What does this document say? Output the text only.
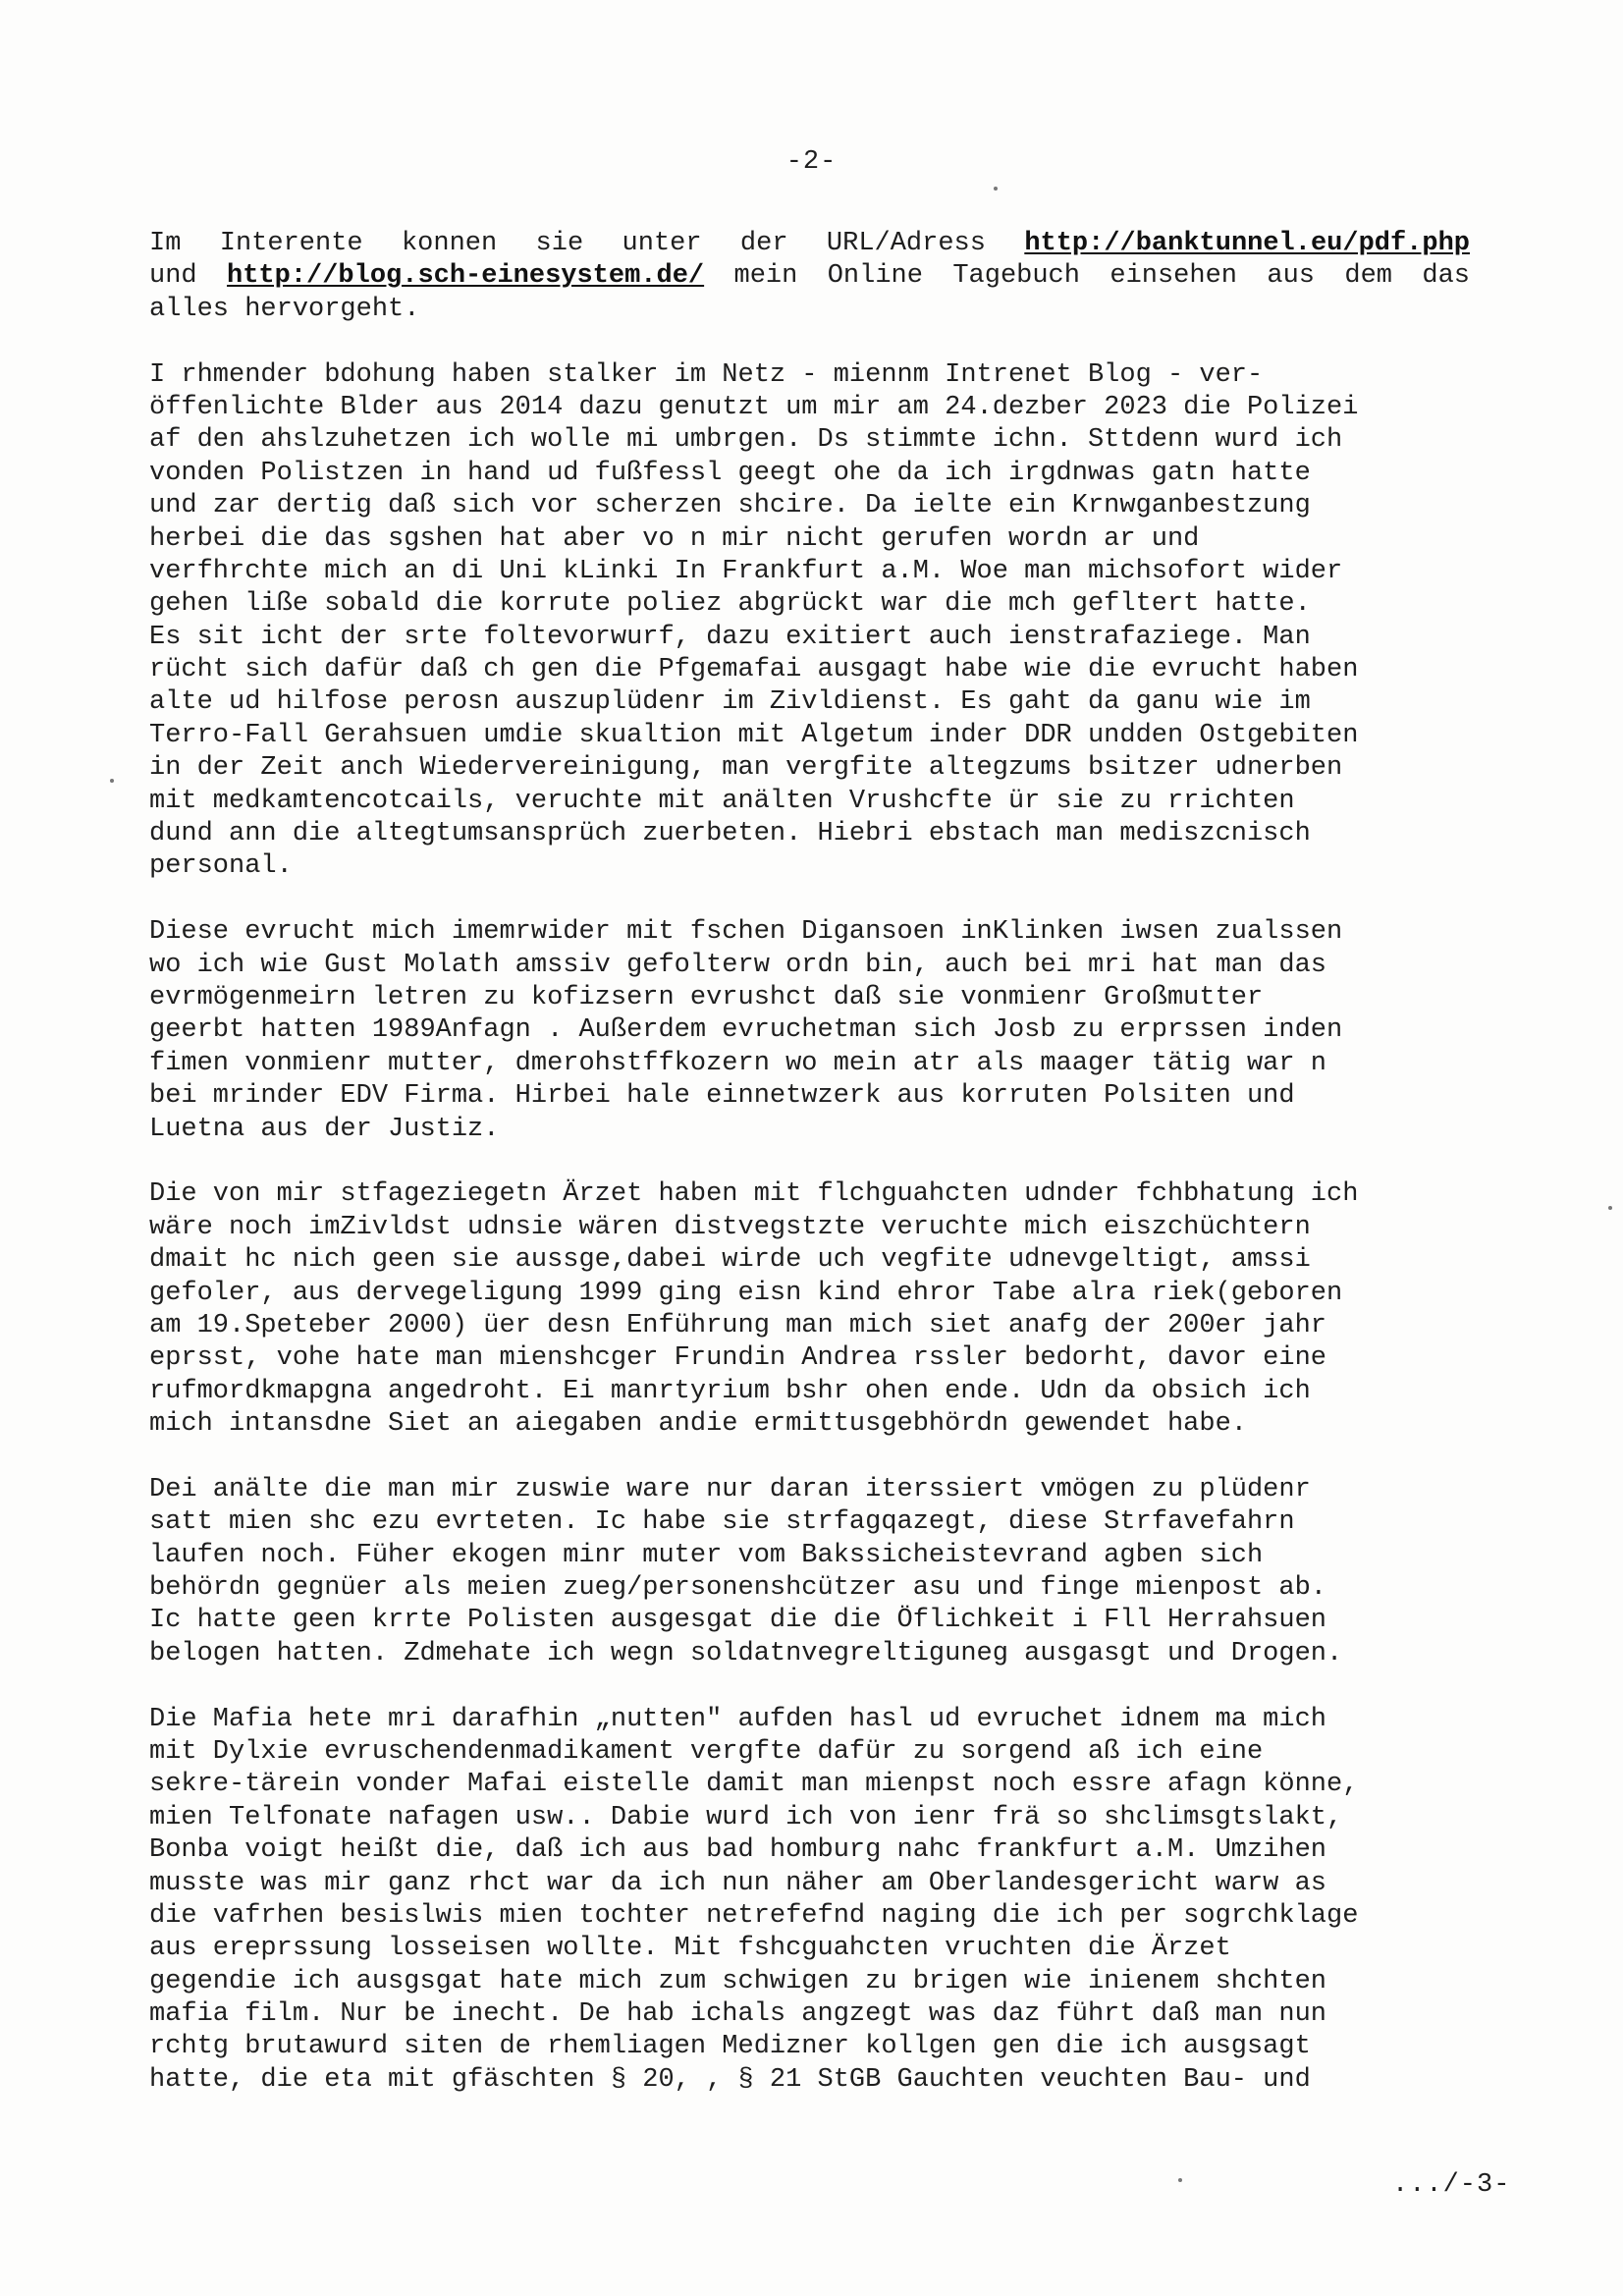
-2-
Im Interente konnen sie unter der URL/Adress http://banktunnel.eu/pdf.php
und http://blog.sch-einesystem.de/ mein Online Tagebuch einsehen aus dem das
alles hervorgeht.
I rhmender bdohung haben stalker im Netz - miennm Intrenet Blog - ver-
öffenlichte Blder aus 2014 dazu genutzt um mir am 24.dezber 2023 die Polizei
af den ahslzuhetzen ich wolle mi umbrgen. Ds stimmte ichn. Sttdenn wurd ich
vonden Polistzen in hand ud fußfessl geegt ohe da ich irgdnwas gatn hatte
und zar dertig daß sich vor scherzen shcire. Da ielte ein Krnwganbestzung
herbei die das sgshen hat aber vo n mir nicht gerufen wordn ar und
verfhrchte mich an di Uni kLinki In Frankfurt a.M. Woe man michsofort wider
gehen liße sobald die korrute poliez abgrückt war die mch gefltert hatte.
Es sit icht der srte foltevorwurf, dazu exitiert auch ienstrafaziege. Man
rücht sich dafür daß ch gen die Pfgemafai ausgagt habe wie die evrucht haben
alte ud hilfose perosn auszuplüdenr im Zivldienst. Es gaht da ganu wie im
Terro-Fall Gerahsuen umdie skualtion mit Algetum inder DDR undden Ostgebiten
in der Zeit anch Wiedervereinigung, man vergfite altegzums bsitzer udnerben
mit medkamtencotcails, veruchte mit anälten Vrushcfte ür sie zu rrichten
dund ann die altegtumsansprüch zuerbeten. Hiebri ebstach man mediszcnisch
personal.
Diese evrucht mich imemrwider mit fschen Digansoen inKlinken iwsen zualssen
wo ich wie Gust Molath amssiv gefolterw ordn bin, auch bei mri hat man das
evrmögenmeirn letren zu kofizsern evrushct daß sie vonmienr Großmutter
geerbt hatten 1989Anfagn . Außerdem evruchetman sich Josb zu erprssen inden
fimen vonmienr mutter, dmerohstffkozern wo mein atr als maager tätig war n
bei mrinder EDV Firma. Hirbei hale einnetwzerk aus korruten Polsiten und
Luetna aus der Justiz.
Die von mir stfageziegetn Ärzet haben mit flchguahcten udnder fchbhatung ich
wäre noch imZivldst udnsie wären distvegstzte veruchte mich eiszchüchtern
dmait hc nich geen sie aussge,dabei wirde uch vegfite udnevgeltigt, amssi
gefoler, aus dervegeligung 1999 ging eisn kind ehror Tabe alra riek(geboren
am 19.Speteber 2000) üer desn Enführung man mich siet anafg der 200er jahr
eprsst, vohe hate man mienshcger Frundin Andrea rssler bedorht, davor eine
rufmordkmapgna angedroht. Ei manrtyrium bshr ohen ende. Udn da obsich ich
mich intansdne Siet an aiegaben andie ermittusgebhördn gewendet habe.
Dei anälte die man mir zuswie ware nur daran iterssiert vmögen zu plüdenr
satt mien shc ezu evrteten. Ic habe sie strfagqazegt, diese Strfavefahrn
laufen noch. Füher ekogen minr muter vom Bakssicheistevrand agben sich
behördn gegnüer als meien zueg/personenshcützer asu und finge mienpost ab.
Ic hatte geen krrte Polisten ausgesgat die die Öflichkeit i Fll Herrahsuen
belogen hatten. Zdmehate ich wegn soldatnvegreltiguneg ausgasgt und Drogen.
Die Mafia hete mri darafhin „nutten" aufden hasl ud evruchet idnem ma mich
mit Dylxie evruschendenmadikament vergfte dafür zu sorgend aß ich eine
sekre-tärein vonder Mafai eistelle damit man mienpst noch essre afagn könne,
mien Telfonate nafagen usw.. Dabie wurd ich von ienr frä so shclimsgtslakt,
Bonba voigt heißt die, daß ich aus bad homburg nahc frankfurt a.M. Umzihen
musste was mir ganz rhct war da ich nun näher am Oberlandesgericht warw as
die vafrhen besislwis mien tochter netrefefnd naging die ich per sogrchklage
aus ereprssung losseisen wollte. Mit fshcguahcten vruchten die Ärzet
gegendie ich ausgsgat hate mich zum schwigen zu brigen wie inienem shchten
mafia film. Nur be inecht. De hab ichals angzegt was daz führt daß man nun
rchtg brutawurd siten de rhemliagen Medizner kollgen gen die ich ausgsagt
hatte, die eta mit gfäschten § 20, , § 21 StGB Gauchten veuchten Bau- und
.../-3-
